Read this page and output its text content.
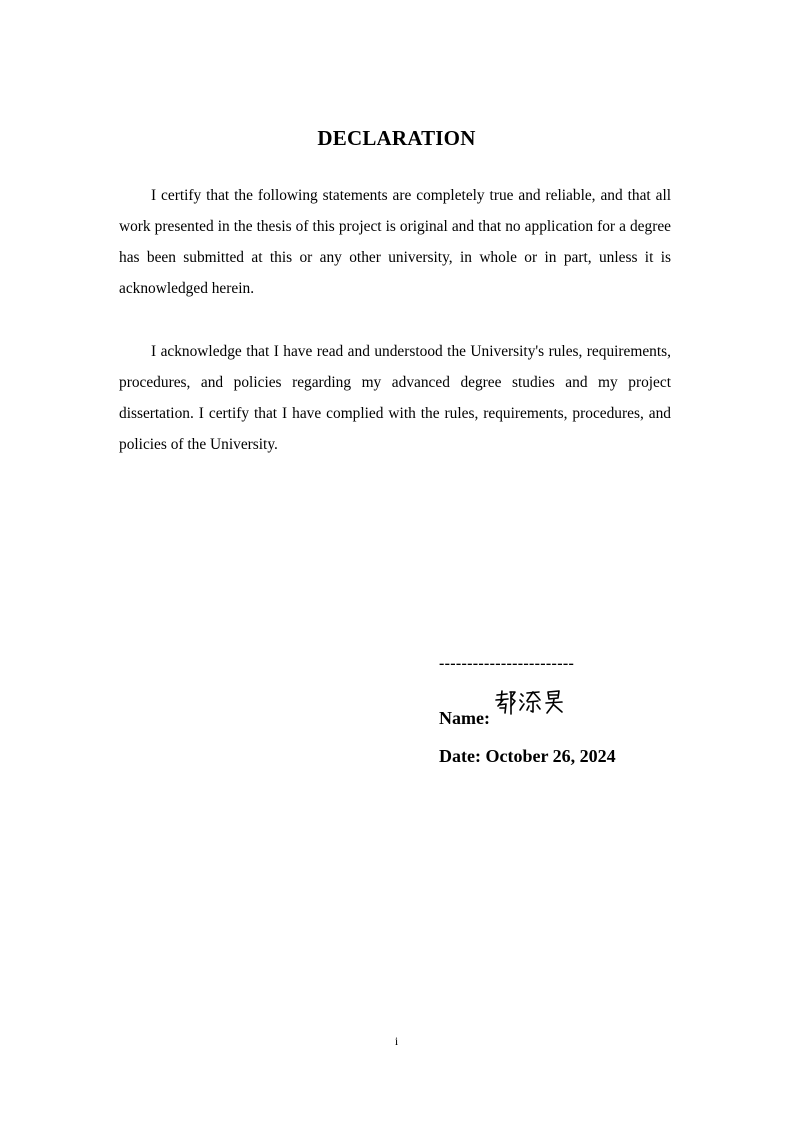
DECLARATION

I certify that the following statements are completely true and reliable, and that all work presented in the thesis of this project is original and that no application for a degree has been submitted at this or any other university, in whole or in part, unless it is acknowledged herein.

I acknowledge that I have read and understood the University's rules, requirements, procedures, and policies regarding my advanced degree studies and my project dissertation. I certify that I have complied with the rules, requirements, procedures, and policies of the University.

------------------------
Name:
Date: October 26, 2024
i
